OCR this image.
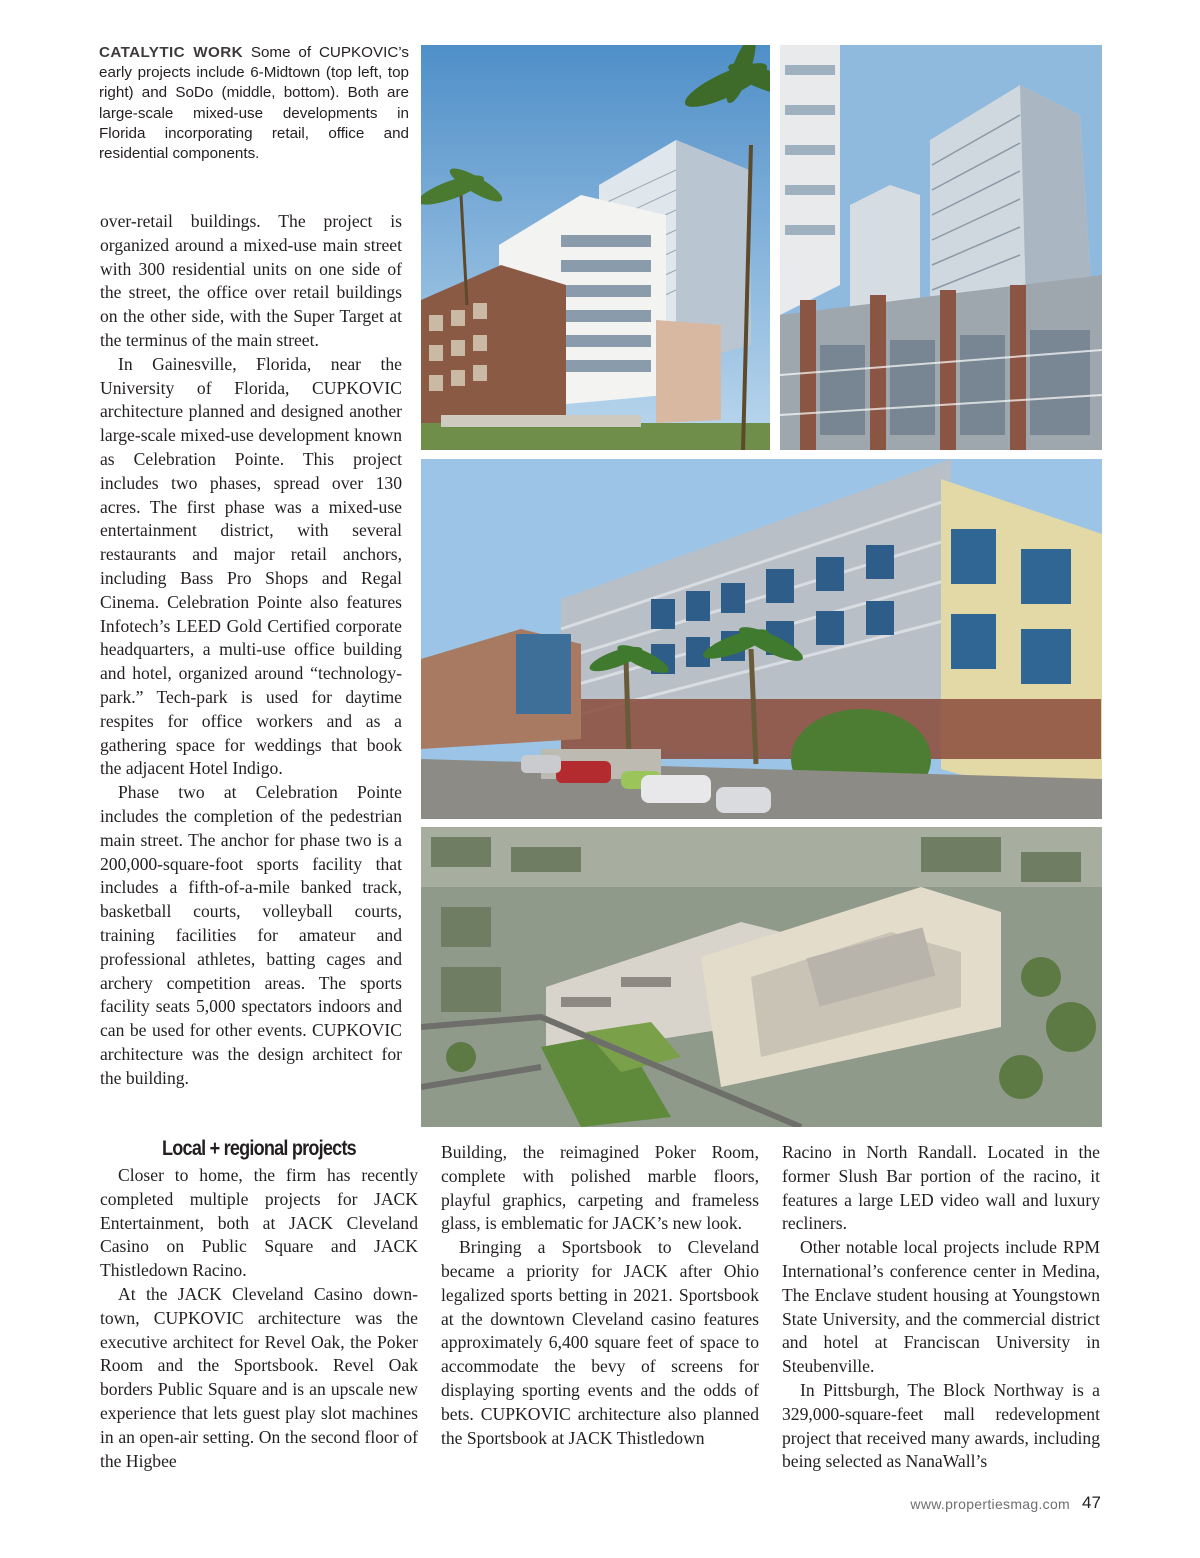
CATALYTIC WORK Some of CUPKOVIC’s early projects include 6-Midtown (top left, top right) and SoDo (middle, bottom). Both are large-scale mixed-use developments in Florida incorporating retail, office and residential components.

over-retail buildings. The project is organized around a mixed-use main street with 300 residential units on one side of the street, the office over retail buildings on the other side, with the Super Target at the terminus of the main street.

In Gainesville, Florida, near the University of Florida, CUPKOVIC architecture planned and designed another large-scale mixed-use development known as Celebration Pointe. This project includes two phases, spread over 130 acres. The first phase was a mixed-use entertainment district, with several restaurants and major retail anchors, including Bass Pro Shops and Regal Cinema. Celebration Pointe also features Infotech’s LEED Gold Certified corporate headquarters, a multi-use office building and hotel, organized around “technology-park.” Tech-park is used for daytime respites for office workers and as a gathering space for weddings that book the adjacent Hotel Indigo.

Phase two at Celebration Pointe includes the completion of the pedestrian main street. The anchor for phase two is a 200,000-square-foot sports facility that includes a fifth-of-a-mile banked track, basketball courts, volleyball courts, training facilities for amateur and professional athletes, batting cages and archery competition areas. The sports facility seats 5,000 spectators indoors and can be used for other events. CUPKOVIC architecture was the design architect for the building.

Local + regional projects

Closer to home, the firm has recently completed multiple projects for JACK Entertainment, both at JACK Cleveland Casino on Public Square and JACK Thistledown Racino.

At the JACK Cleveland Casino downtown, CUPKOVIC architecture was the executive architect for Revel Oak, the Poker Room and the Sportsbook. Revel Oak borders Public Square and is an upscale new experience that lets guest play slot machines in an open-air setting. On the second floor of the Higbee

Building, the reimagined Poker Room, complete with polished marble floors, playful graphics, carpeting and frameless glass, is emblematic for JACK’s new look.

Bringing a Sportsbook to Cleveland became a priority for JACK after Ohio legalized sports betting in 2021. Sportsbook at the downtown Cleveland casino features approximately 6,400 square feet of space to accommodate the bevy of screens for displaying sporting events and the odds of bets. CUPKOVIC architecture also planned the Sportsbook at JACK Thistledown

Racino in North Randall. Located in the former Slush Bar portion of the racino, it features a large LED video wall and luxury recliners.

Other notable local projects include RPM International’s conference center in Medina, The Enclave student housing at Youngstown State University, and the commercial district and hotel at Franciscan University in Steubenville.

In Pittsburgh, The Block Northway is a 329,000-square-feet mall redevelopment project that received many awards, including being selected as NanaWall’s

www.propertiesmag.com 47
